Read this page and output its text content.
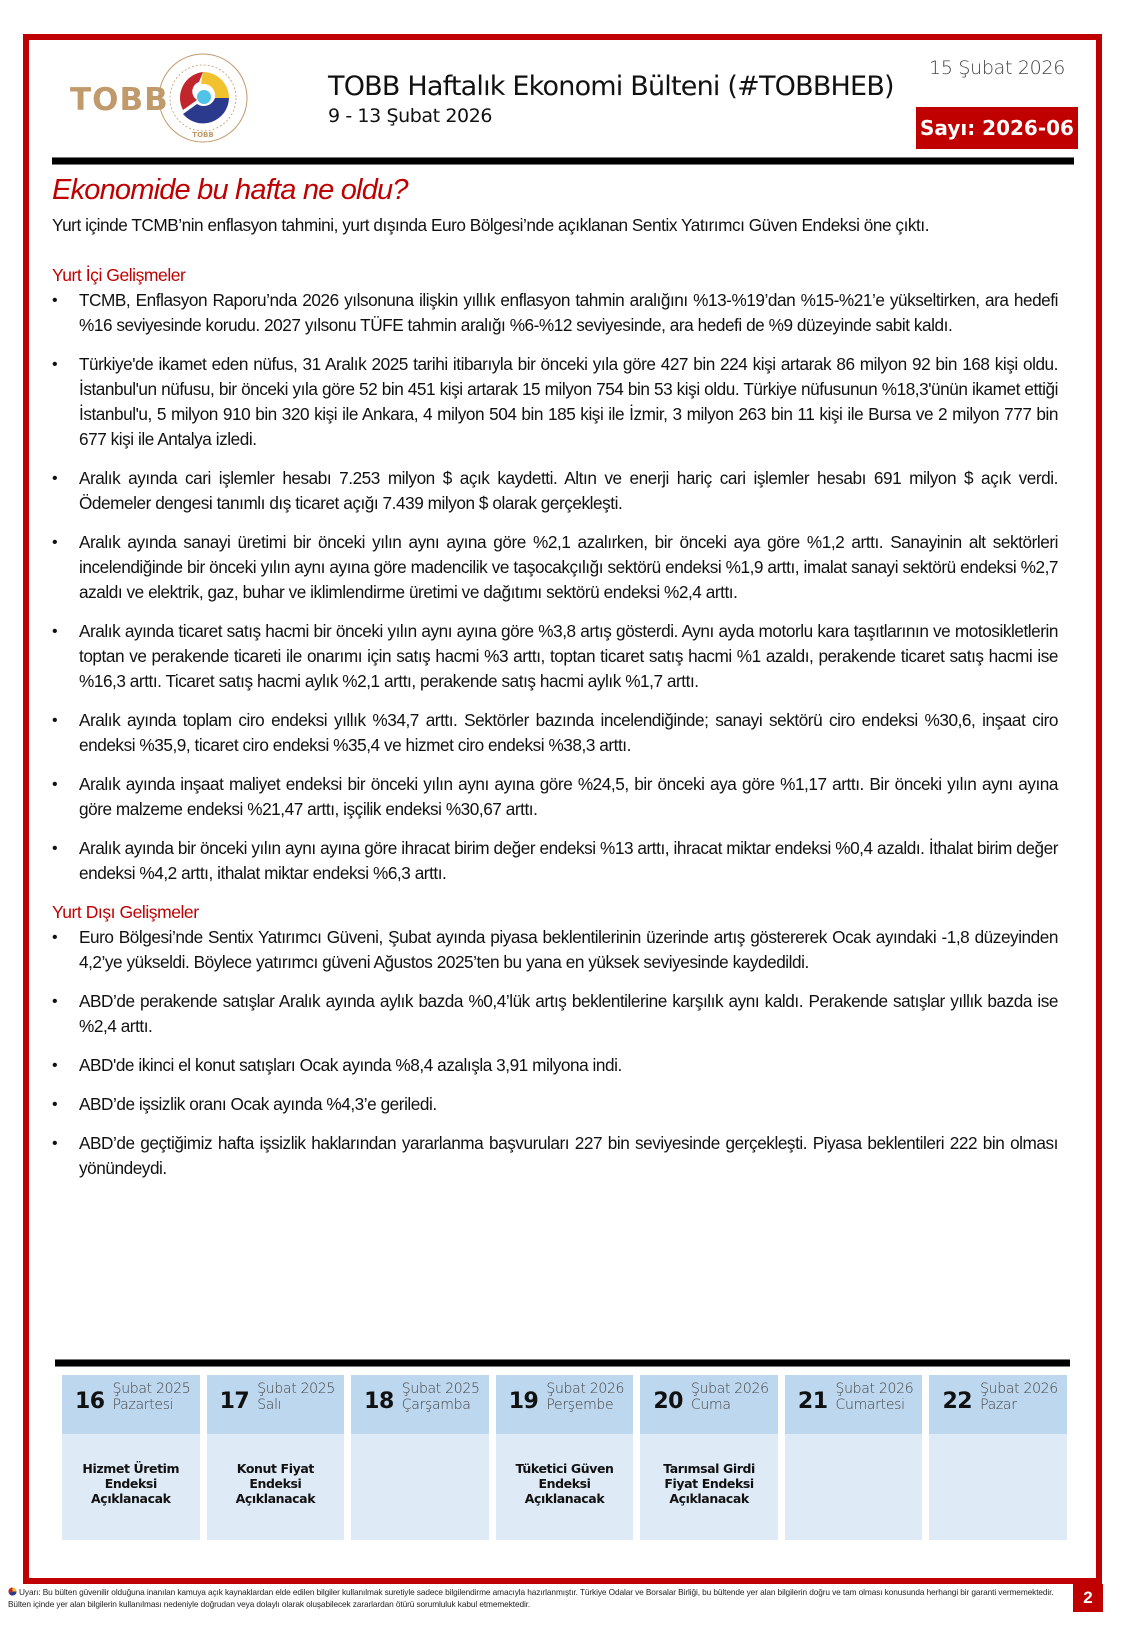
TOBB
TOBB
TOBB Haftalık Ekonomi Bülteni (#TOBBHEB)
9 - 13 Şubat 2026
15 Şubat 2026
Sayı: 2026-06
Ekonomide bu hafta ne oldu?

Yurt içinde TCMB’nin enflasyon tahmini, yurt dışında Euro Bölgesi’nde açıklanan Sentix Yatırımcı Güven Endeksi öne çıktı.

Yurt İçi Gelişmeler
• TCMB, Enflasyon Raporu’nda 2026 yılsonuna ilişkin yıllık enflasyon tahmin aralığını %13-%19’dan %15-%21’e yükseltirken, ara hedefi %16 seviyesinde korudu. 2027 yılsonu TÜFE tahmin aralığı %6-%12 seviyesinde, ara hedefi de %9 düzeyinde sabit kaldı.
• Türkiye'de ikamet eden nüfus, 31 Aralık 2025 tarihi itibarıyla bir önceki yıla göre 427 bin 224 kişi artarak 86 milyon 92 bin 168 kişi oldu. İstanbul'un nüfusu, bir önceki yıla göre 52 bin 451 kişi artarak 15 milyon 754 bin 53 kişi oldu. Türkiye nüfusunun %18,3'ünün ikamet ettiği İstanbul'u, 5 milyon 910 bin 320 kişi ile Ankara, 4 milyon 504 bin 185 kişi ile İzmir, 3 milyon 263 bin 11 kişi ile Bursa ve 2 milyon 777 bin 677 kişi ile Antalya izledi.
• Aralık ayında cari işlemler hesabı 7.253 milyon $ açık kaydetti. Altın ve enerji hariç cari işlemler hesabı 691 milyon $ açık verdi. Ödemeler dengesi tanımlı dış ticaret açığı 7.439 milyon $ olarak gerçekleşti.
• Aralık ayında sanayi üretimi bir önceki yılın aynı ayına göre %2,1 azalırken, bir önceki aya göre %1,2 arttı. Sanayinin alt sektörleri incelendiğinde bir önceki yılın aynı ayına göre madencilik ve taşocakçılığı sektörü endeksi %1,9 arttı, imalat sanayi sektörü endeksi %2,7 azaldı ve elektrik, gaz, buhar ve iklimlendirme üretimi ve dağıtımı sektörü endeksi %2,4 arttı.
• Aralık ayında ticaret satış hacmi bir önceki yılın aynı ayına göre %3,8 artış gösterdi. Aynı ayda motorlu kara taşıtlarının ve motosikletlerin toptan ve perakende ticareti ile onarımı için satış hacmi %3 arttı, toptan ticaret satış hacmi %1 azaldı, perakende ticaret satış hacmi ise %16,3 arttı. Ticaret satış hacmi aylık %2,1 arttı, perakende satış hacmi aylık %1,7 arttı.
• Aralık ayında toplam ciro endeksi yıllık %34,7 arttı. Sektörler bazında incelendiğinde; sanayi sektörü ciro endeksi %30,6, inşaat ciro endeksi %35,9, ticaret ciro endeksi %35,4 ve hizmet ciro endeksi %38,3 arttı.
• Aralık ayında inşaat maliyet endeksi bir önceki yılın aynı ayına göre %24,5, bir önceki aya göre %1,17 arttı. Bir önceki yılın aynı ayına göre malzeme endeksi %21,47 arttı, işçilik endeksi %30,67 arttı.
• Aralık ayında bir önceki yılın aynı ayına göre ihracat birim değer endeksi %13 arttı, ihracat miktar endeksi %0,4 azaldı. İthalat birim değer endeksi %4,2 arttı, ithalat miktar endeksi %6,3 arttı.
Yurt Dışı Gelişmeler
• Euro Bölgesi’nde Sentix Yatırımcı Güveni, Şubat ayında piyasa beklentilerinin üzerinde artış göstererek Ocak ayındaki -1,8 düzeyinden 4,2’ye yükseldi. Böylece yatırımcı güveni Ağustos 2025’ten bu yana en yüksek seviyesinde kaydedildi.
• ABD’de perakende satışlar Aralık ayında aylık bazda %0,4’lük artış beklentilerine karşılık aynı kaldı. Perakende satışlar yıllık bazda ise %2,4 arttı.
• ABD'de ikinci el konut satışları Ocak ayında %8,4 azalışla 3,91 milyona indi.
• ABD’de işsizlik oranı Ocak ayında %4,3’e geriledi.
• ABD’de geçtiğimiz hafta işsizlik haklarından yararlanma başvuruları 227 bin seviyesinde gerçekleşti. Piyasa beklentileri 222 bin olması yönündeydi.
16 Şubat 2025
Pazartesi
Hizmet Üretim Endeksi Açıklanacak
17 Şubat 2025
Salı
Konut Fiyat Endeksi Açıklanacak
18 Şubat 2025
Çarşamba	19 Şubat 2026
Perşembe
Tüketici Güven Endeksi Açıklanacak
20 Şubat 2026
Cuma
Tarımsal Girdi Fiyat Endeksi Açıklanacak
21 Şubat 2026
Cumartesi	22 Şubat 2026
Pazar
2
Uyarı: Bu bülten güvenilir olduğuna inanılan kamuya açık kaynaklardan elde edilen bilgiler kullanılmak suretiyle sadece bilgilendirme amacıyla hazırlanmıştır. Türkiye Odalar ve Borsalar Birliği, bu bültende yer alan bilgilerin doğru ve tam olması konusunda herhangi bir garanti vermemektedir. Bülten içinde yer alan bilgilerin kullanılması nedeniyle doğrudan veya dolaylı olarak oluşabilecek zararlardan ötürü sorumluluk kabul etmemektedir.
